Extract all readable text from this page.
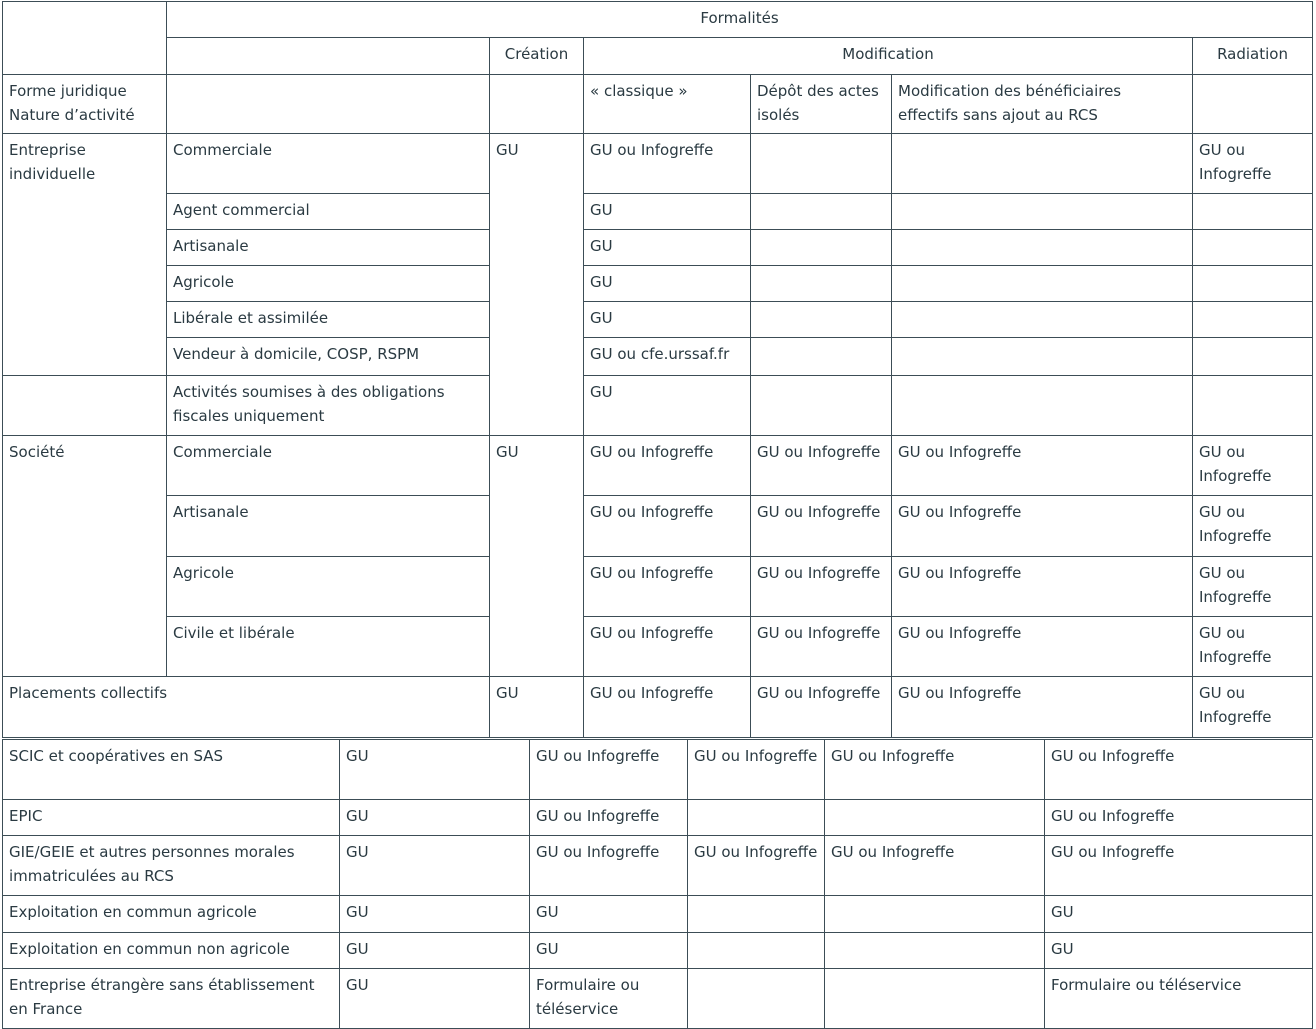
	Formalités					
		Création	Modification			Radiation

Forme juridique
Nature d’activité			« classique »	Dépôt des actes isolés	Modification des bénéficiaires effectifs sans ajout au RCS	
Entreprise individuelle	Commerciale	GU	GU ou Infogreffe			GU ou Infogreffe
	Agent commercial		GU			
	Artisanale		GU			
	Agricole		GU			
	Libérale et assimilée		GU			
	Vendeur à domicile, COSP, RSPM		GU ou cfe.urssaf.fr			
	Activités soumises à des obligations fiscales uniquement		GU			
Société	Commerciale	GU	GU ou Infogreffe	GU ou Infogreffe	GU ou Infogreffe	GU ou Infogreffe
	Artisanale		GU ou Infogreffe	GU ou Infogreffe	GU ou Infogreffe	GU ou Infogreffe
	Agricole		GU ou Infogreffe	GU ou Infogreffe	GU ou Infogreffe	GU ou Infogreffe
	Civile et libérale		GU ou Infogreffe	GU ou Infogreffe	GU ou Infogreffe	GU ou Infogreffe
Placements collectifs		GU	GU ou Infogreffe	GU ou Infogreffe	GU ou Infogreffe	GU ou Infogreffe
SCIC et coopératives en SAS	GU	GU ou Infogreffe	GU ou Infogreffe	GU ou Infogreffe	GU ou Infogreffe
EPIC	GU	GU ou Infogreffe			GU ou Infogreffe
GIE/GEIE et autres personnes morales immatriculées au RCS	GU	GU ou Infogreffe	GU ou Infogreffe	GU ou Infogreffe	GU ou Infogreffe
Exploitation en commun agricole	GU	GU			GU
Exploitation en commun non agricole	GU	GU			GU
Entreprise étrangère sans établissement en France	GU	Formulaire ou téléservice			Formulaire ou téléservice
